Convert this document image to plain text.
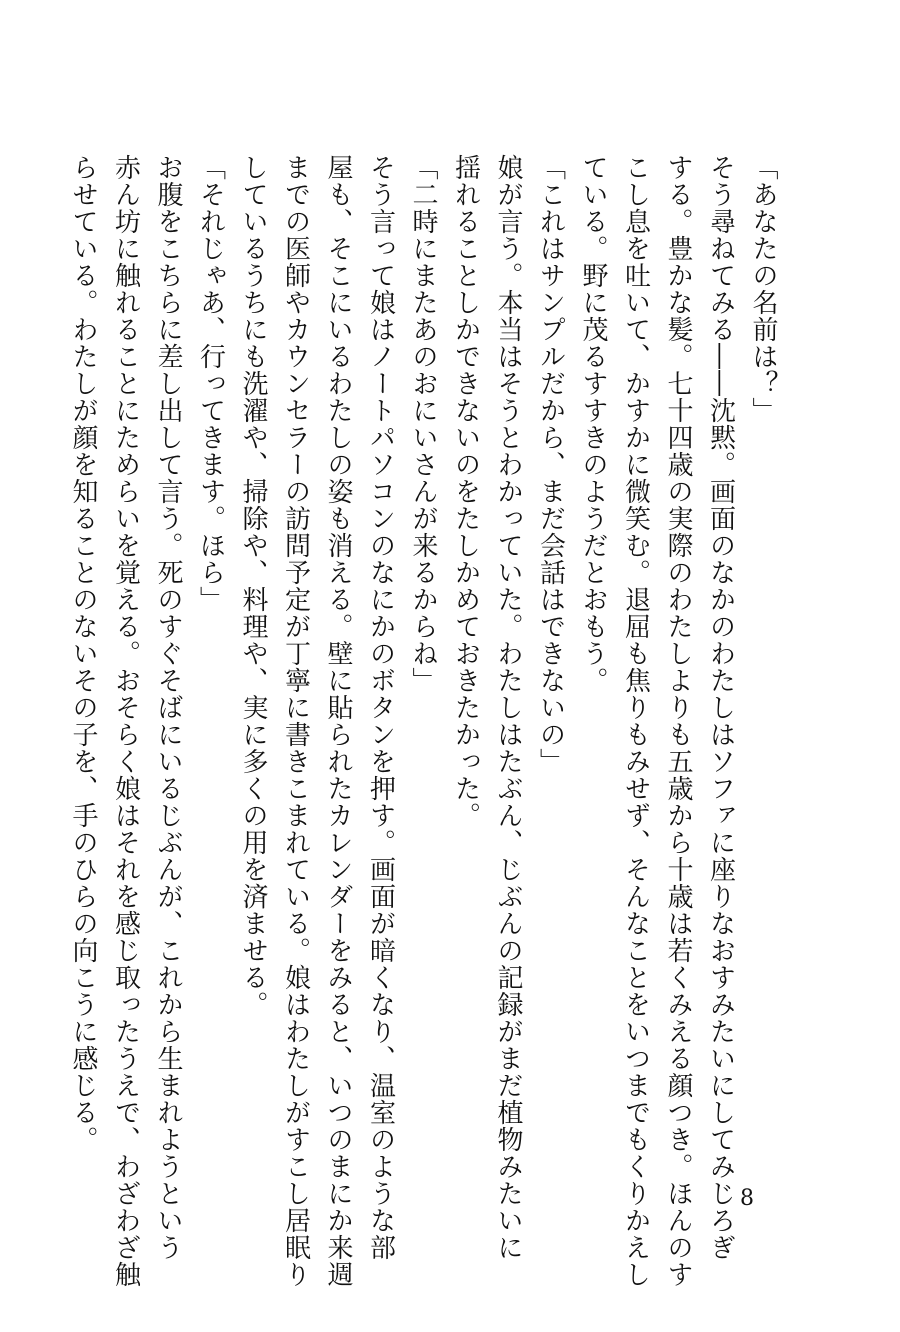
「あなたの名前は？」
そう尋ねてみる――沈黙。画面のなかのわたしはソファに座りなおすみたいにしてみじろぎ
する。豊かな髪。七十四歳の実際のわたしよりも五歳から十歳は若くみえる顔つき。ほんのす
こし息を吐いて、かすかに微笑む。退屈も焦りもみせず、そんなことをいつまでもくりかえし
ている。野に茂るすすきのようだとおもう。
「これはサンプルだから、まだ会話はできないの」
娘が言う。本当はそうとわかっていた。わたしはたぶん、じぶんの記録がまだ植物みたいに
揺れることしかできないのをたしかめておきたかった。
「二時にまたあのおにいさんが来るからね」
そう言って娘はノートパソコンのなにかのボタンを押す。画面が暗くなり、温室のような部
屋も、そこにいるわたしの姿も消える。壁に貼られたカレンダーをみると、いつのまにか来週
までの医師やカウンセラーの訪問予定が丁寧に書きこまれている。娘はわたしがすこし居眠り
しているうちにも洗濯や、掃除や、料理や、実に多くの用を済ませる。
「それじゃあ、行ってきます。ほら」
お腹をこちらに差し出して言う。死のすぐそばにいるじぶんが、これから生まれようという
赤ん坊に触れることにためらいを覚える。おそらく娘はそれを感じ取ったうえで、わざわざ触
らせている。わたしが顔を知ることのないその子を、手のひらの向こうに感じる。
8
